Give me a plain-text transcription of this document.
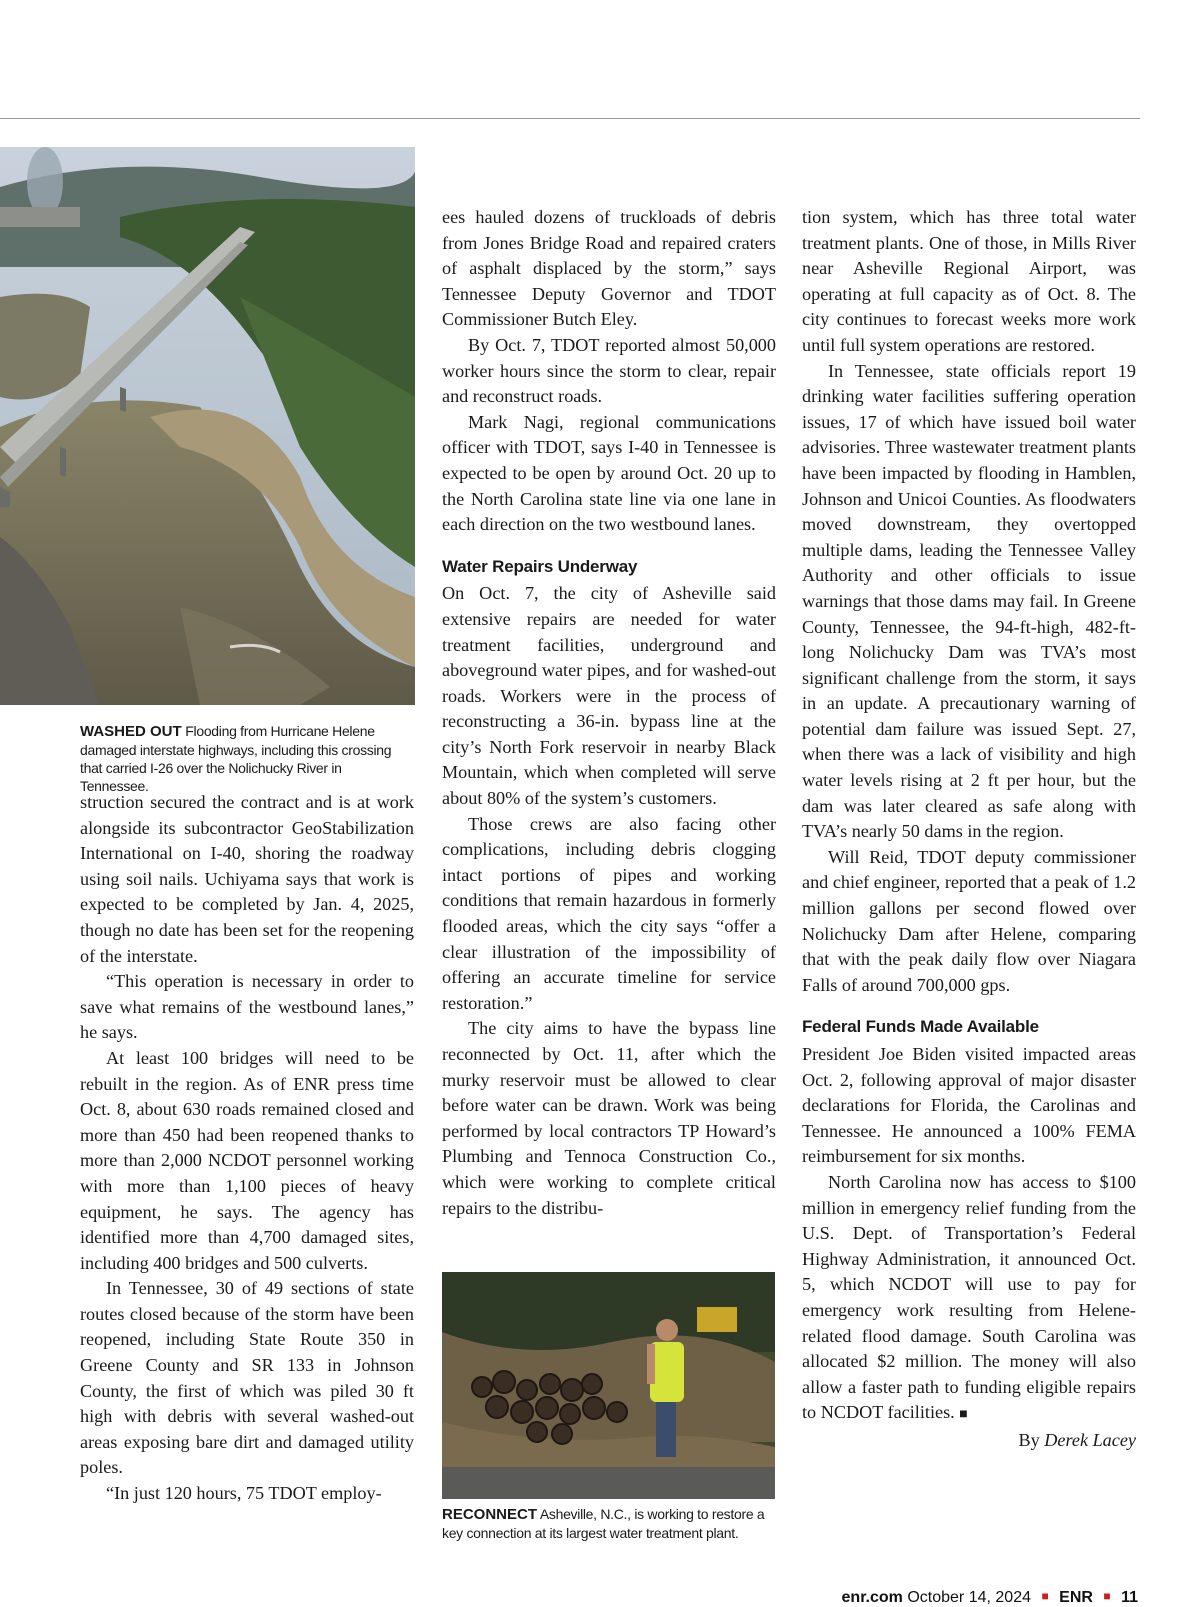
WASHED OUT Flooding from Hurricane Helene damaged interstate highways, including this crossing that carried I-26 over the Nolichucky River in Tennessee.

struction secured the contract and is at work alongside its subcontractor GeoStabilization International on I-40, shoring the roadway using soil nails. Uchiyama says that work is expected to be completed by Jan. 4, 2025, though no date has been set for the reopening of the interstate.

“This operation is necessary in order to save what remains of the westbound lanes,” he says.

At least 100 bridges will need to be rebuilt in the region. As of ENR press time Oct. 8, about 630 roads remained closed and more than 450 had been reopened thanks to more than 2,000 NCDOT personnel working with more than 1,100 pieces of heavy equipment, he says. The agency has identified more than 4,700 damaged sites, including 400 bridges and 500 culverts.

In Tennessee, 30 of 49 sections of state routes closed because of the storm have been reopened, including State Route 350 in Greene County and SR 133 in Johnson County, the first of which was piled 30 ft high with debris with several washed-out areas exposing bare dirt and damaged utility poles.

“In just 120 hours, 75 TDOT employ-

ees hauled dozens of truckloads of debris from Jones Bridge Road and repaired craters of asphalt displaced by the storm,” says Tennessee Deputy Governor and TDOT Commissioner Butch Eley.

By Oct. 7, TDOT reported almost 50,000 worker hours since the storm to clear, repair and reconstruct roads.

Mark Nagi, regional communications officer with TDOT, says I-40 in Tennessee is expected to be open by around Oct. 20 up to the North Carolina state line via one lane in each direction on the two westbound lanes.

Water Repairs Underway

On Oct. 7, the city of Asheville said extensive repairs are needed for water treatment facilities, underground and aboveground water pipes, and for washed-out roads. Workers were in the process of reconstructing a 36-in. bypass line at the city’s North Fork reservoir in nearby Black Mountain, which when completed will serve about 80% of the system’s customers.

Those crews are also facing other complications, including debris clogging intact portions of pipes and working conditions that remain hazardous in formerly flooded areas, which the city says “offer a clear illustration of the impossibility of offering an accurate timeline for service restoration.”

The city aims to have the bypass line reconnected by Oct. 11, after which the murky reservoir must be allowed to clear before water can be drawn. Work was being performed by local contractors TP Howard’s Plumbing and Tennoca Construction Co., which were working to complete critical repairs to the distribu-

RECONNECT Asheville, N.C., is working to restore a key connection at its largest water treatment plant.

tion system, which has three total water treatment plants. One of those, in Mills River near Asheville Regional Airport, was operating at full capacity as of Oct. 8. The city continues to forecast weeks more work until full system operations are restored.

In Tennessee, state officials report 19 drinking water facilities suffering operation issues, 17 of which have issued boil water advisories. Three wastewater treatment plants have been impacted by flooding in Hamblen, Johnson and Unicoi Counties. As floodwaters moved downstream, they overtopped multiple dams, leading the Tennessee Valley Authority and other officials to issue warnings that those dams may fail. In Greene County, Tennessee, the 94-ft-high, 482-ft-long Nolichucky Dam was TVA’s most significant challenge from the storm, it says in an update. A precautionary warning of potential dam failure was issued Sept. 27, when there was a lack of visibility and high water levels rising at 2 ft per hour, but the dam was later cleared as safe along with TVA’s nearly 50 dams in the region.

Will Reid, TDOT deputy commissioner and chief engineer, reported that a peak of 1.2 million gallons per second flowed over Nolichucky Dam after Helene, comparing that with the peak daily flow over Niagara Falls of around 700,000 gps.

Federal Funds Made Available

President Joe Biden visited impacted areas Oct. 2, following approval of major disaster declarations for Florida, the Carolinas and Tennessee. He announced a 100% FEMA reimbursement for six months.

North Carolina now has access to $100 million in emergency relief funding from the U.S. Dept. of Transportation’s Federal Highway Administration, it announced Oct. 5, which NCDOT will use to pay for emergency work resulting from Helene-related flood damage. South Carolina was allocated $2 million. The money will also allow a faster path to funding eligible repairs to NCDOT facilities. ■

By Derek Lacey

enr.com October 14, 2024 ■ ENR ■ 11
